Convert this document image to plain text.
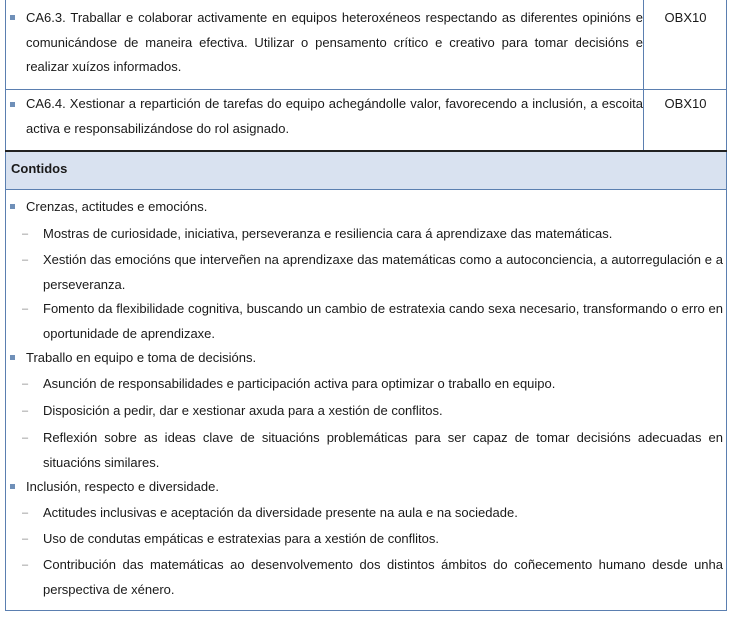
CA6.3. Traballar e colaborar activamente en equipos heteroxéneos respectando as diferentes opinións e comunicándose de maneira efectiva. Utilizar o pensamento crítico e creativo para tomar decisións e realizar xuízos informados.
OBX10
CA6.4. Xestionar a repartición de tarefas do equipo achegándolle valor, favorecendo a inclusión, a escoita activa e responsabilizándose do rol asignado.
OBX10
Contidos
Crenzas, actitudes e emocións.
– Mostras de curiosidade, iniciativa, perseveranza e resiliencia cara á aprendizaxe das matemáticas.
– Xestión das emocións que interveñen na aprendizaxe das matemáticas como a autoconciencia, a autorregulación e a perseveranza.
– Fomento da flexibilidade cognitiva, buscando un cambio de estratexia cando sexa necesario, transformando o erro en oportunidade de aprendizaxe.
Traballo en equipo e toma de decisións.
– Asunción de responsabilidades e participación activa para optimizar o traballo en equipo.
– Disposición a pedir, dar e xestionar axuda para a xestión de conflitos.
– Reflexión sobre as ideas clave de situacións problemáticas para ser capaz de tomar decisións adecuadas en situacións similares.
Inclusión, respecto e diversidade.
– Actitudes inclusivas e aceptación da diversidade presente na aula e na sociedade.
– Uso de condutas empáticas e estratexias para a xestión de conflitos.
– Contribución das matemáticas ao desenvolvemento dos distintos ámbitos do coñecemento humano desde unha perspectiva de xénero.
